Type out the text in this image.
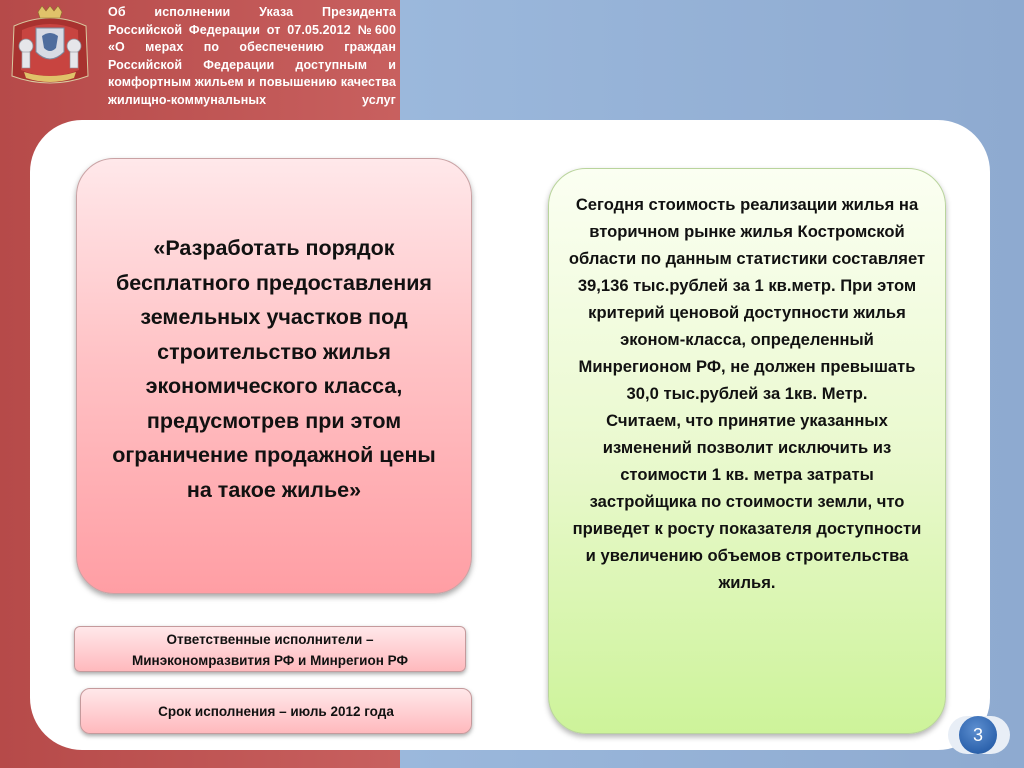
Об исполнении Указа Президента Российской Федерации от 07.05.2012 №600 «О мерах по обеспечению граждан Российской Федерации доступным и комфортным жильем и повышению качества жилищно-коммунальных услуг
«Разработать порядок бесплатного предоставления земельных участков под строительство жилья экономического класса, предусмотрев при этом ограничение продажной цены на такое жилье»
Сегодня стоимость реализации жилья на вторичном рынке жилья Костромской области по данным статистики составляет 39,136 тыс.рублей за 1 кв.метр. При этом критерий ценовой доступности жилья эконом-класса, определенный Минрегионом РФ, не должен превышать 30,0 тыс.рублей за 1кв. Метр.
Считаем, что принятие указанных изменений позволит исключить из стоимости 1 кв. метра затраты застройщика по стоимости земли, что приведет к росту показателя доступности и увеличению объемов строительства жилья.
Ответственные исполнители –
Минэкономразвития РФ и Минрегион РФ
Срок исполнения – июль 2012 года
3
